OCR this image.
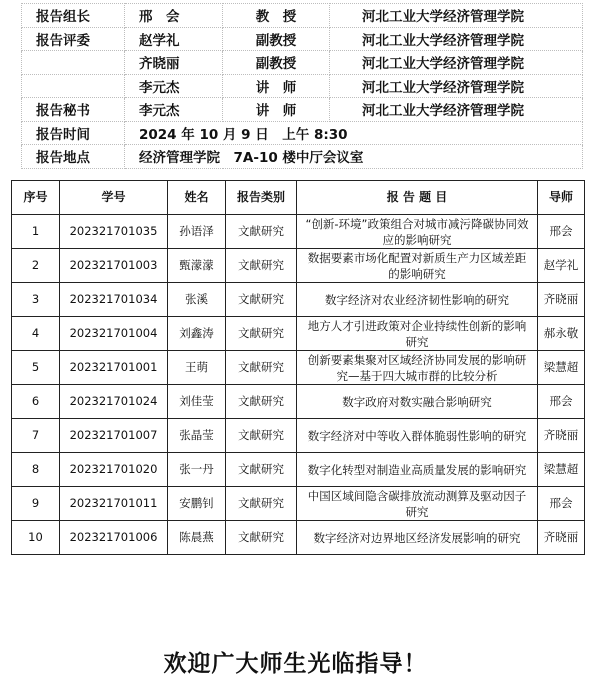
报告组长	邢　会	教　授	河北工业大学经济管理学院
报告评委	赵学礼	副教授	河北工业大学经济管理学院
	齐晓丽	副教授	河北工业大学经济管理学院
	李元杰	讲　师	河北工业大学经济管理学院
报告秘书	李元杰	讲　师	河北工业大学经济管理学院
报告时间	2024 年 10 月 9 日　上午 8:30		
报告地点	经济管理学院　7A-10 楼中厅会议室		
序号	学号	姓名	报告类别	报 告 题 目	导师
1	202321701035	孙语泽	文献研究	“创新-环境”政策组合对城市减污降碳协同效应的影响研究	邢会
2	202321701003	甄濛濛	文献研究	数据要素市场化配置对新质生产力区域差距的影响研究	赵学礼
3	202321701034	张溪	文献研究	数字经济对农业经济韧性影响的研究	齐晓丽
4	202321701004	刘鑫涛	文献研究	地方人才引进政策对企业持续性创新的影响研究	郝永敬
5	202321701001	王萌	文献研究	创新要素集聚对区域经济协同发展的影响研究—基于四大城市群的比较分析	梁慧超
6	202321701024	刘佳莹	文献研究	数字政府对数实融合影响研究	邢会
7	202321701007	张晶莹	文献研究	数字经济对中等收入群体脆弱性影响的研究	齐晓丽
8	202321701020	张一丹	文献研究	数字化转型对制造业高质量发展的影响研究	梁慧超
9	202321701011	安鹏钊	文献研究	中国区域间隐含碳排放流动测算及驱动因子研究	邢会
10	202321701006	陈晨燕	文献研究	数字经济对边界地区经济发展影响的研究	齐晓丽
欢迎广大师生光临指导！
